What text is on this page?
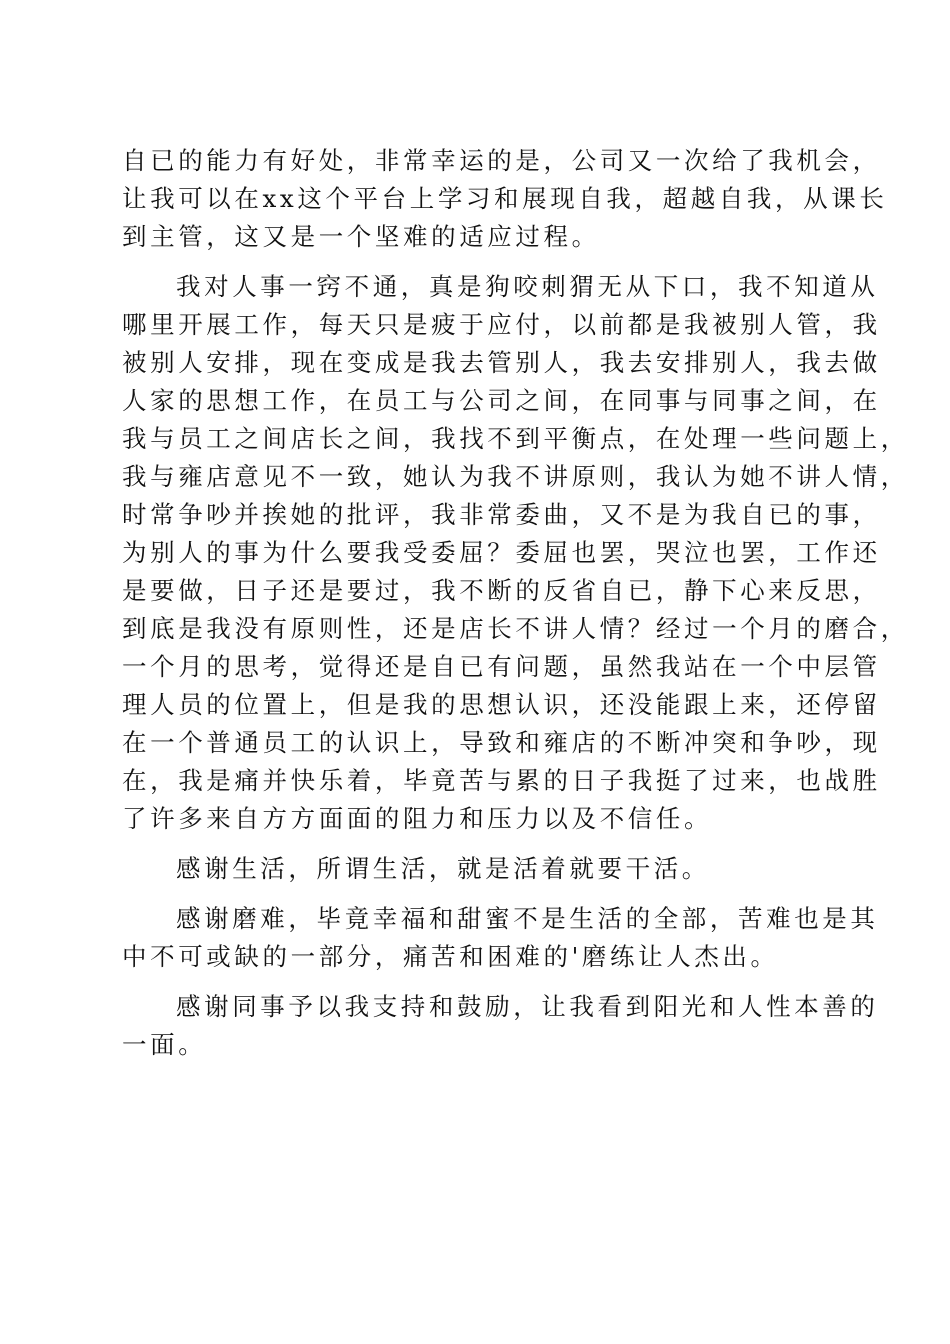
自已的能力有好处，非常幸运的是，公司又一次给了我机会，
让我可以在xx这个平台上学习和展现自我，超越自我，从课长
到主管，这又是一个坚难的适应过程。
我对人事一窍不通，真是狗咬刺猬无从下口，我不知道从
哪里开展工作，每天只是疲于应付，以前都是我被别人管，我
被别人安排，现在变成是我去管别人，我去安排别人，我去做
人家的思想工作，在员工与公司之间，在同事与同事之间，在
我与员工之间店长之间，我找不到平衡点，在处理一些问题上，
我与雍店意见不一致，她认为我不讲原则，我认为她不讲人情，
时常争吵并挨她的批评，我非常委曲，又不是为我自已的事，
为别人的事为什么要我受委屈？委屈也罢，哭泣也罢，工作还
是要做，日子还是要过，我不断的反省自已，静下心来反思，
到底是我没有原则性，还是店长不讲人情？经过一个月的磨合，
一个月的思考，觉得还是自已有问题，虽然我站在一个中层管
理人员的位置上，但是我的思想认识，还没能跟上来，还停留
在一个普通员工的认识上，导致和雍店的不断冲突和争吵，现
在，我是痛并快乐着，毕竟苦与累的日子我挺了过来，也战胜
了许多来自方方面面的阻力和压力以及不信任。
感谢生活，所谓生活，就是活着就要干活。
感谢磨难，毕竟幸福和甜蜜不是生活的全部，苦难也是其
中不可或缺的一部分，痛苦和困难的'磨练让人杰出。
感谢同事予以我支持和鼓励，让我看到阳光和人性本善的
一面。
